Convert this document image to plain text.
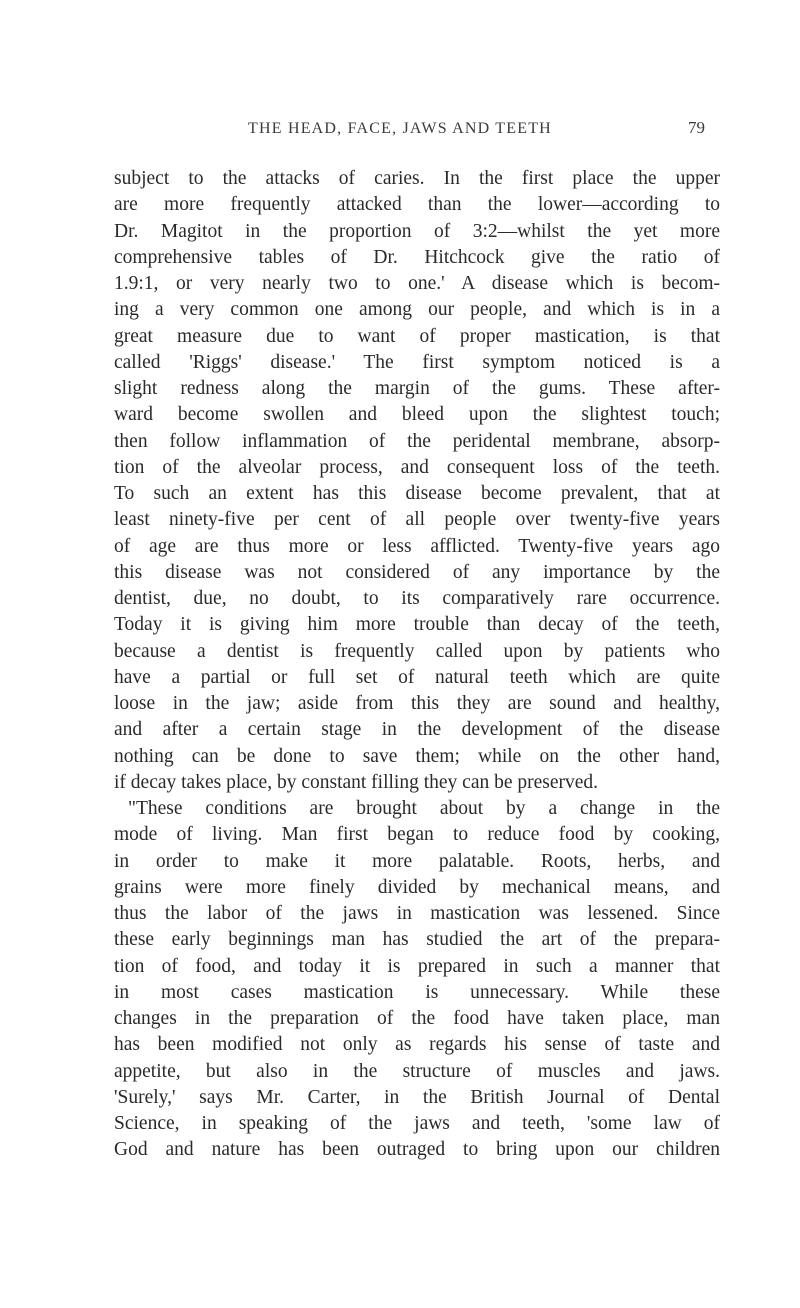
THE HEAD, FACE, JAWS AND TEETH	79
subject to the attacks of caries. In the first place the upper
are more frequently attacked than the lower—according to
Dr. Magitot in the proportion of 3:2—whilst the yet more
comprehensive tables of Dr. Hitchcock give the ratio of
1.9:1, or very nearly two to one.' A disease which is becom-
ing a very common one among our people, and which is in a
great measure due to want of proper mastication, is that
called 'Riggs' disease.' The first symptom noticed is a
slight redness along the margin of the gums. These after-
ward become swollen and bleed upon the slightest touch;
then follow inflammation of the peridental membrane, absorp-
tion of the alveolar process, and consequent loss of the teeth.
To such an extent has this disease become prevalent, that at
least ninety-five per cent of all people over twenty-five years
of age are thus more or less afflicted. Twenty-five years ago
this disease was not considered of any importance by the
dentist, due, no doubt, to its comparatively rare occurrence.
Today it is giving him more trouble than decay of the teeth,
because a dentist is frequently called upon by patients who
have a partial or full set of natural teeth which are quite
loose in the jaw; aside from this they are sound and healthy,
and after a certain stage in the development of the disease
nothing can be done to save them; while on the other hand,
if decay takes place, by constant filling they can be preserved.
"These conditions are brought about by a change in the
mode of living. Man first began to reduce food by cooking,
in order to make it more palatable. Roots, herbs, and
grains were more finely divided by mechanical means, and
thus the labor of the jaws in mastication was lessened. Since
these early beginnings man has studied the art of the prepara-
tion of food, and today it is prepared in such a manner that
in most cases mastication is unnecessary. While these
changes in the preparation of the food have taken place, man
has been modified not only as regards his sense of taste and
appetite, but also in the structure of muscles and jaws.
'Surely,' says Mr. Carter, in the British Journal of Dental
Science, in speaking of the jaws and teeth, 'some law of
God and nature has been outraged to bring upon our children
